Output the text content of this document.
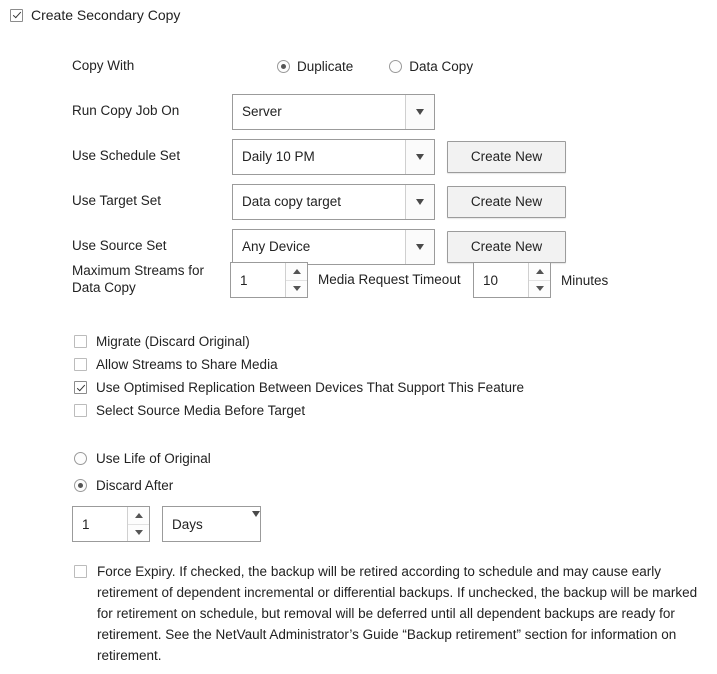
Create Secondary Copy
Copy With	Duplicate	Data Copy
Run Copy Job On	Server
Use Schedule Set	Daily 10 PM	Create New
Use Target Set	Data copy target	Create New
Use Source Set	Any Device	Create New
Maximum Streams for Data Copy	1	Media Request Timeout	10	Minutes
Migrate (Discard Original)
Allow Streams to Share Media
Use Optimised Replication Between Devices That Support This Feature
Select Source Media Before Target
Use Life of Original
Discard After
1	Days
Force Expiry. If checked, the backup will be retired according to schedule and may cause early retirement of dependent incremental or differential backups. If unchecked, the backup will be marked for retirement on schedule, but removal will be deferred until all dependent backups are ready for retirement. See the NetVault Administrator’s Guide “Backup retirement” section for information on retirement.
